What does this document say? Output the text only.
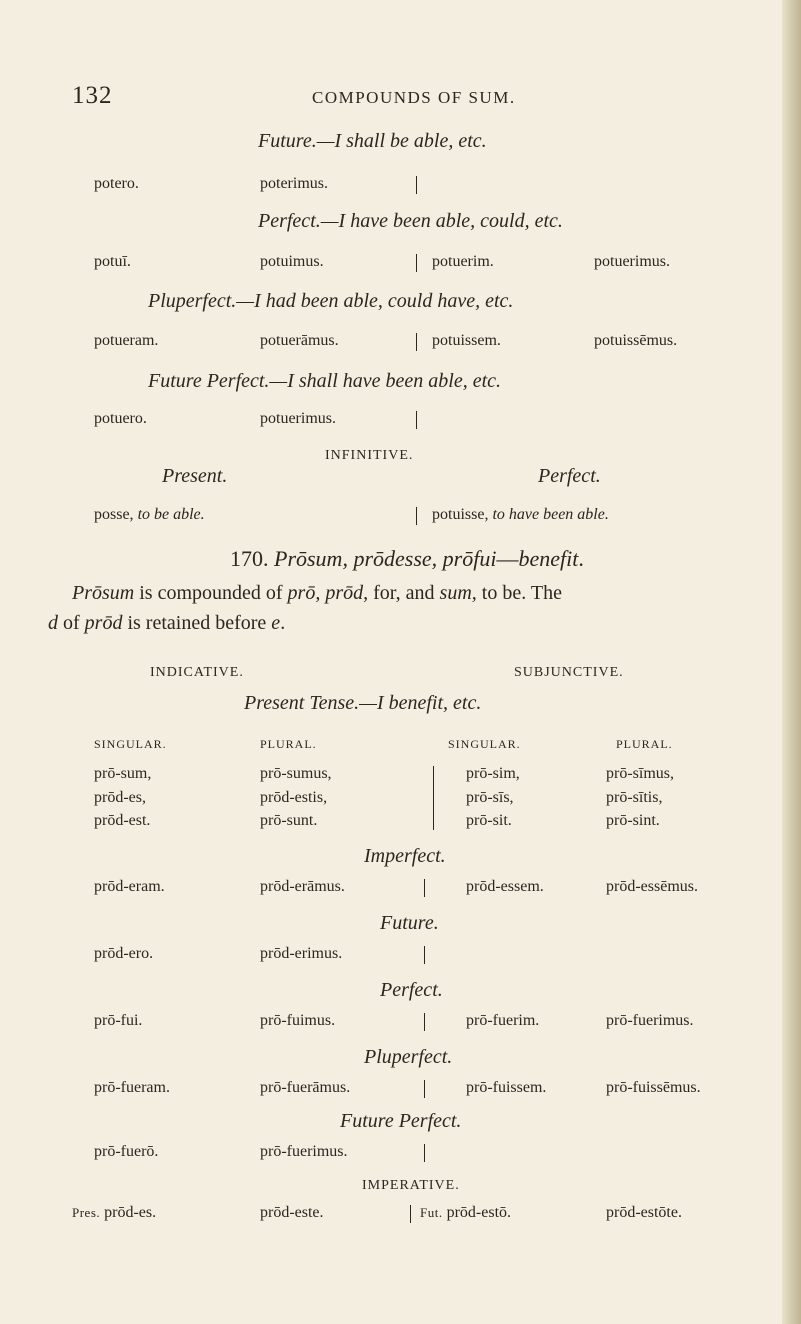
132	COMPOUNDS OF SUM.
Future.—I shall be able, etc.
potero.	poterimus.
Perfect.—I have been able, could, etc.
potuī.	potuimus.	potuerim.	potuerimus.
Pluperfect.—I had been able, could have, etc.
potueram.	potuerāmus.	potuissem.	potuissēmus.
Future Perfect.—I shall have been able, etc.
potuero.	potuerimus.
INFINITIVE.
Present.	Perfect.
posse, to be able.	potuisse, to have been able.
170. Prōsum, prōdesse, prōfui—benefit.
Prōsum is compounded of prō, prōd, for, and sum, to be. The
d of prōd is retained before e.
INDICATIVE.	SUBJUNCTIVE.
Present Tense.—I benefit, etc.
SINGULAR.	PLURAL.	SINGULAR.	PLURAL.
prō-sum,	prō-sumus,	prō-sim,	prō-sīmus,
prōd-es,	prōd-estis,	prō-sīs,	prō-sītis,
prōd-est.	prō-sunt.	prō-sit.	prō-sint.
Imperfect.
prōd-eram.	prōd-erāmus.	prōd-essem.	prōd-essēmus.
Future.
prōd-ero.	prōd-erimus.
Perfect.
prō-fui.	prō-fuimus.	prō-fuerim.	prō-fuerimus.
Pluperfect.
prō-fueram.	prō-fuerāmus.	prō-fuissem.	prō-fuissēmus.
Future Perfect.
prō-fuerō.	prō-fuerimus.
IMPERATIVE.
Pres. prōd-es.	prōd-este.	Fut. prōd-estō.	prōd-estōte.
